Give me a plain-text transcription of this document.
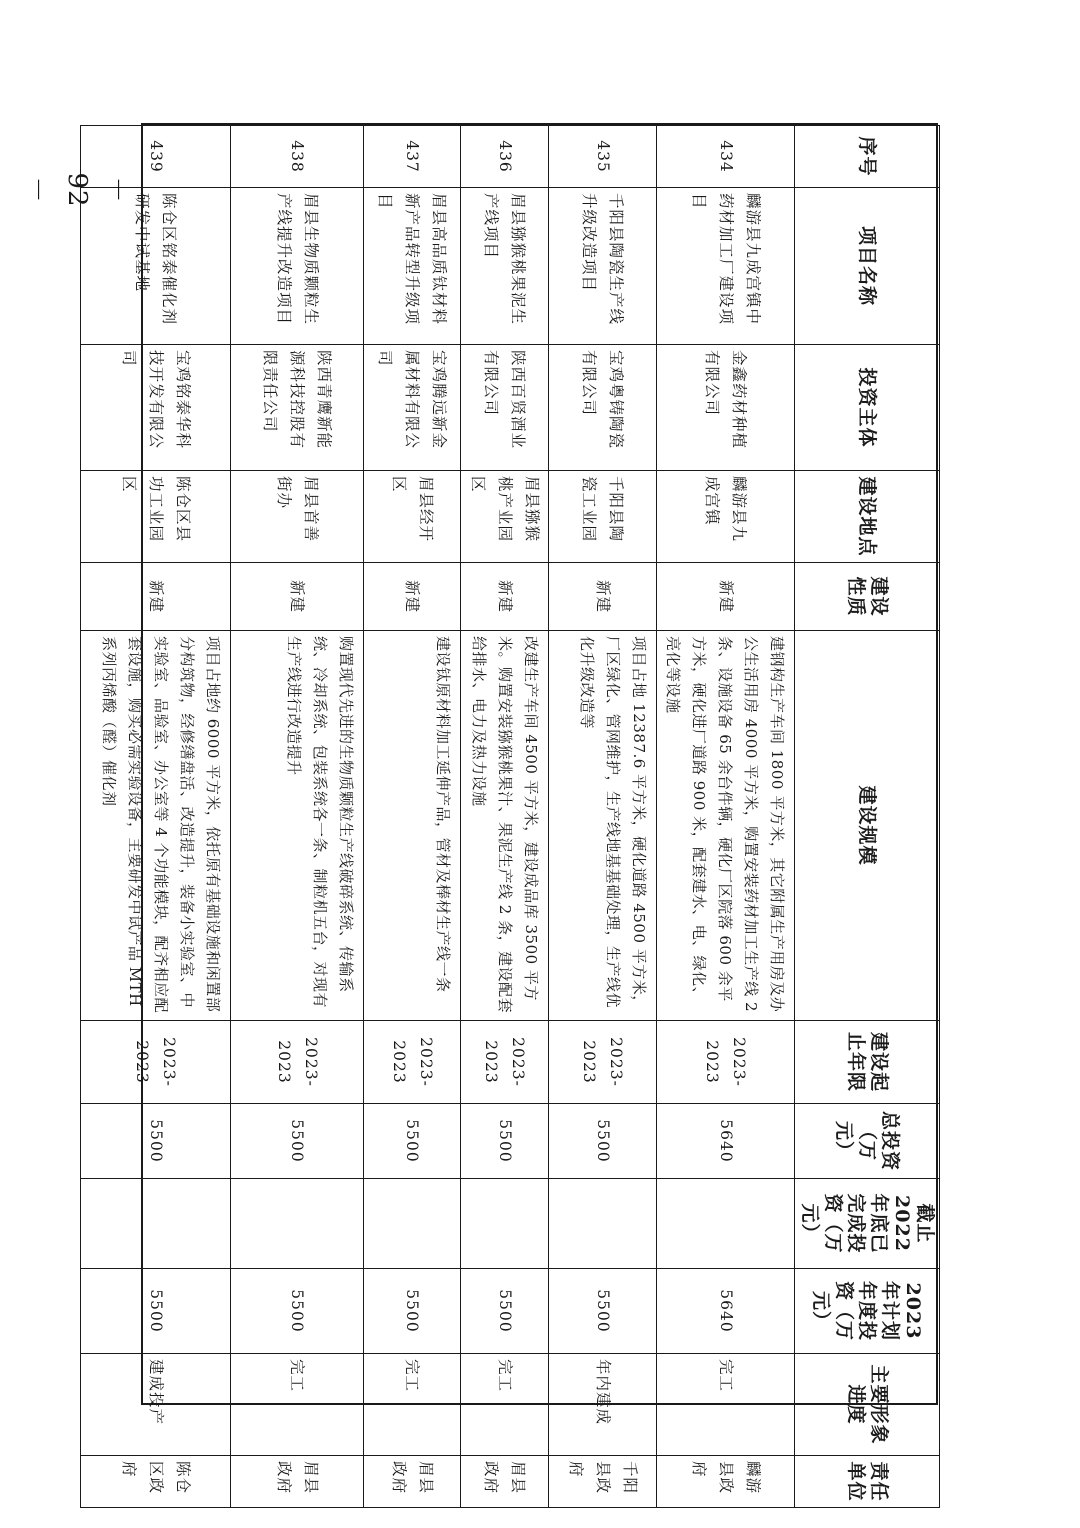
－ 92 －
序号	项目名称	投资主体	建设地点	建设性质	建设规模	建设起止年限	总投资（万元）	截止 2022 年底已完成投资（万元）	2023 年计划年度投资（万元）	主要形象进度	责任单位
434	麟游县九成宫镇中药材加工厂建设项目	金鑫药材种植有限公司	麟游县九成宫镇	新建	建钢构生产车间 1800 平方米，其它附属生产用房及办公生活用房 4000 平方米，购置安装药材加工生产线 2 条、设施设备 65 余台件辆，硬化厂区院落 600 余平方米，硬化进厂道路 900 米，配套建水、电、绿化、亮化等设施	2023-2023	5640		5640	完工	麟游县政府
435	千阳县陶瓷生产线升级改造项目	宝鸡粤铸陶瓷有限公司	千阳县陶瓷工业园	新建	项目占地 12387.6 平方米，硬化道路 4500 平方米，厂区绿化、管网维护，生产线地基基础处理，生产线优化升级改造等	2023-2023	5500		5500	年内建成	千阳县政府
436	眉县猕猴桃果泥生产线项目	陕西百贤酒业有限公司	眉县猕猴桃产业园区	新建	改建生产车间 4500 平方米，建设成品库 3500 平方米。购置安装猕猴桃果汁、果泥生产线 2 条，建设配套给排水、电力及热力设施	2023-2023	5500		5500	完工	眉县政府
437	眉县高品质钛材料新产品转型升级项目	宝鸡腾远新金属材料有限公司	眉县经开区	新建	建设钛原材料加工延伸产品，管材及棒材生产线一条	2023-2023	5500		5500	完工	眉县政府
438	眉县生物质颗粒生产线提升改造项目	陕西青鹰新能源科技控股有限责任公司	眉县首善街办	新建	购置现代先进的生物质颗粒生产线破碎系统、传输系统、冷却系统、包装系统各一条、制粒机五台，对现有生产线进行改造提升	2023-2023	5500		5500	完工	眉县政府
439	陈仓区铭泰催化剂研发中试基地	宝鸡铭泰华科技开发有限公司	陈仓区县功工业园区	新建	项目占地约 6000 平方米，依托原有基础设施和闲置部分构筑物，经修缮盘活、改造提升，装备小实验室、中实验室、品验室、办公室等 4 个功能模块，配齐相应配套设施，购买必需实验设备，主要研发中试产品 MTH 系列丙烯酸（醛）催化剂	2023-2023	5500		5500	建成投产	陈仓区政府
